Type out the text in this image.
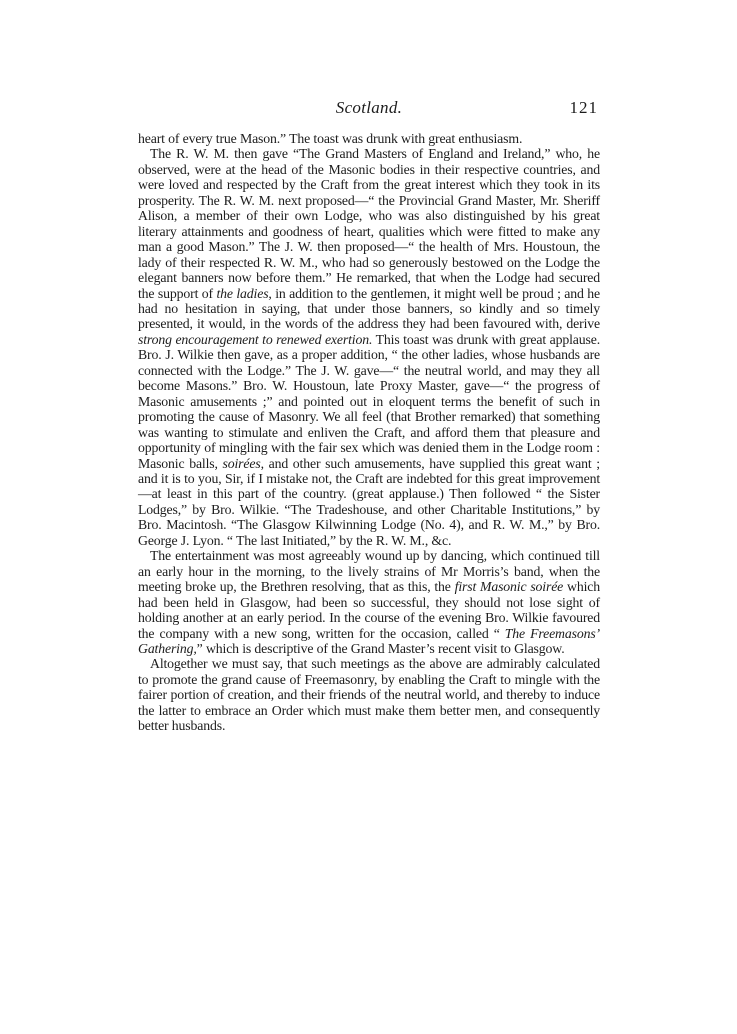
Scotland.	121

heart of every true Mason.” The toast was drunk with great enthusiasm.

The R. W. M. then gave “The Grand Masters of England and Ireland,” who, he observed, were at the head of the Masonic bodies in their respective countries, and were loved and respected by the Craft from the great interest which they took in its prosperity. The R. W. M. next proposed—“ the Provincial Grand Master, Mr. Sheriff Alison, a member of their own Lodge, who was also distinguished by his great literary attainments and goodness of heart, qualities which were fitted to make any man a good Mason.” The J. W. then proposed—“ the health of Mrs. Houstoun, the lady of their respected R. W. M., who had so generously bestowed on the Lodge the elegant banners now before them.” He remarked, that when the Lodge had secured the support of the ladies, in addition to the gentlemen, it might well be proud ; and he had no hesitation in saying, that under those banners, so kindly and so timely presented, it would, in the words of the address they had been favoured with, derive strong encouragement to renewed exertion. This toast was drunk with great applause. Bro. J. Wilkie then gave, as a proper addition, “ the other ladies, whose husbands are connected with the Lodge.” The J. W. gave—“ the neutral world, and may they all become Masons.” Bro. W. Houstoun, late Proxy Master, gave—“ the progress of Masonic amusements ;” and pointed out in eloquent terms the benefit of such in promoting the cause of Masonry. We all feel (that Brother remarked) that something was wanting to stimulate and enliven the Craft, and afford them that pleasure and opportunity of mingling with the fair sex which was denied them in the Lodge room : Masonic balls, soirées, and other such amusements, have supplied this great want ; and it is to you, Sir, if I mistake not, the Craft are indebted for this great improvement—at least in this part of the country. (great applause.) Then followed “ the Sister Lodges,” by Bro. Wilkie. “The Tradeshouse, and other Charitable Institutions,” by Bro. Macintosh. “The Glasgow Kilwinning Lodge (No. 4), and R. W. M.,” by Bro. George J. Lyon. “ The last Initiated,” by the R. W. M., &c.

The entertainment was most agreeably wound up by dancing, which continued till an early hour in the morning, to the lively strains of Mr Morris’s band, when the meeting broke up, the Brethren resolving, that as this, the first Masonic soirée which had been held in Glasgow, had been so successful, they should not lose sight of holding another at an early period. In the course of the evening Bro. Wilkie favoured the company with a new song, written for the occasion, called “ The Freemasons’ Gathering,” which is descriptive of the Grand Master’s recent visit to Glasgow.

Altogether we must say, that such meetings as the above are admirably calculated to promote the grand cause of Freemasonry, by enabling the Craft to mingle with the fairer portion of creation, and their friends of the neutral world, and thereby to induce the latter to embrace an Order which must make them better men, and consequently better husbands.
